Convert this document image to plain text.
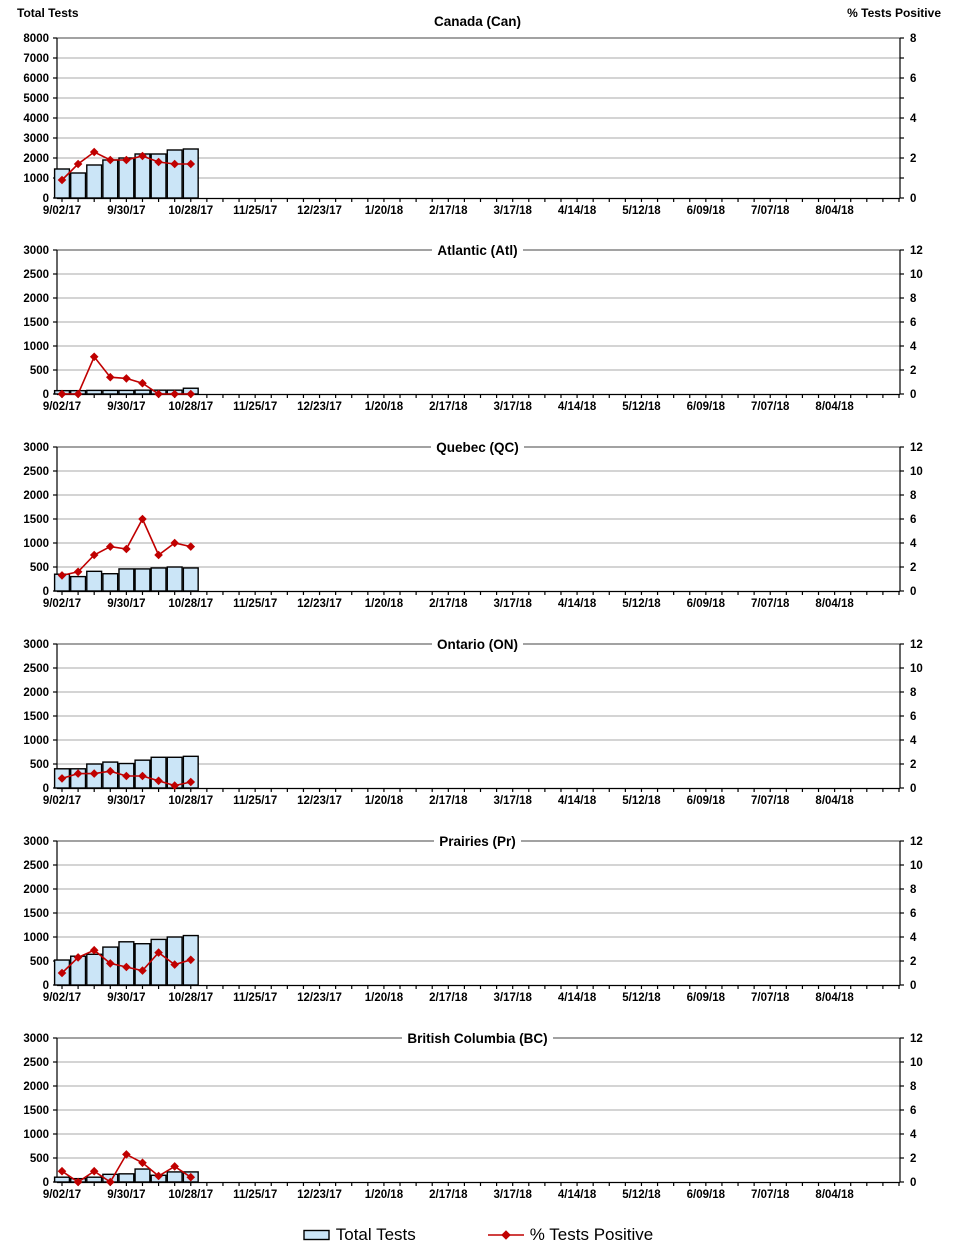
Total Tests	% Tests Positive
Canada (Can)
0
1000
2000
3000
4000
5000
6000
7000
8000
0
2
4
6
8
9/02/17 9/30/17 10/28/17 11/25/17 12/23/17 1/20/18 2/17/18 3/17/18 4/14/18 5/12/18 6/09/18 7/07/18 8/04/18
Atlantic (Atl)
0
500
1000
1500
2000
2500
3000
0
2
4
6
8
10
12
9/02/17 9/30/17 10/28/17 11/25/17 12/23/17 1/20/18 2/17/18 3/17/18 4/14/18 5/12/18 6/09/18 7/07/18 8/04/18
Quebec (QC)
0
500
1000
1500
2000
2500
3000
0
2
4
6
8
10
12
9/02/17 9/30/17 10/28/17 11/25/17 12/23/17 1/20/18 2/17/18 3/17/18 4/14/18 5/12/18 6/09/18 7/07/18 8/04/18
Ontario (ON)
0
500
1000
1500
2000
2500
3000
0
2
4
6
8
10
12
9/02/17 9/30/17 10/28/17 11/25/17 12/23/17 1/20/18 2/17/18 3/17/18 4/14/18 5/12/18 6/09/18 7/07/18 8/04/18
Prairies (Pr)
0
500
1000
1500
2000
2500
3000
0
2
4
6
8
10
12
9/02/17 9/30/17 10/28/17 11/25/17 12/23/17 1/20/18 2/17/18 3/17/18 4/14/18 5/12/18 6/09/18 7/07/18 8/04/18
British Columbia (BC)
0
500
1000
1500
2000
2500
3000
0
2
4
6
8
10
12
9/02/17 9/30/17 10/28/17 11/25/17 12/23/17 1/20/18 2/17/18 3/17/18 4/14/18 5/12/18 6/09/18 7/07/18 8/04/18
Total Tests	% Tests Positive
